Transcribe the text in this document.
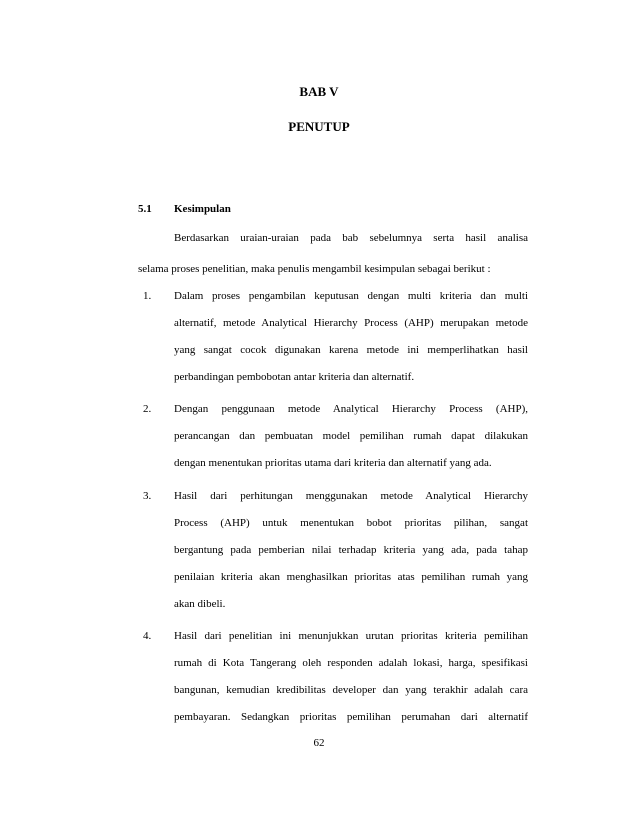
BAB V
PENUTUP
5.1 Kesimpulan
Berdasarkan uraian-uraian pada bab sebelumnya serta hasil analisa
selama proses penelitian, maka penulis mengambil kesimpulan sebagai berikut :
1. Dalam proses pengambilan keputusan dengan multi kriteria dan multi
alternatif, metode Analytical Hierarchy Process (AHP) merupakan metode
yang sangat cocok digunakan karena metode ini memperlihatkan hasil
perbandingan pembobotan antar kriteria dan alternatif.
2. Dengan penggunaan metode Analytical Hierarchy Process (AHP),
perancangan dan pembuatan model pemilihan rumah dapat dilakukan
dengan menentukan prioritas utama dari kriteria dan alternatif yang ada.
3. Hasil dari perhitungan menggunakan metode Analytical Hierarchy
Process (AHP) untuk menentukan bobot prioritas pilihan, sangat
bergantung pada pemberian nilai terhadap kriteria yang ada, pada tahap
penilaian kriteria akan menghasilkan prioritas atas pemilihan rumah yang
akan dibeli.
4. Hasil dari penelitian ini menunjukkan urutan prioritas kriteria pemilihan
rumah di Kota Tangerang oleh responden adalah lokasi, harga, spesifikasi
bangunan, kemudian kredibilitas developer dan yang terakhir adalah cara
pembayaran. Sedangkan prioritas pemilihan perumahan dari alternatif
62
